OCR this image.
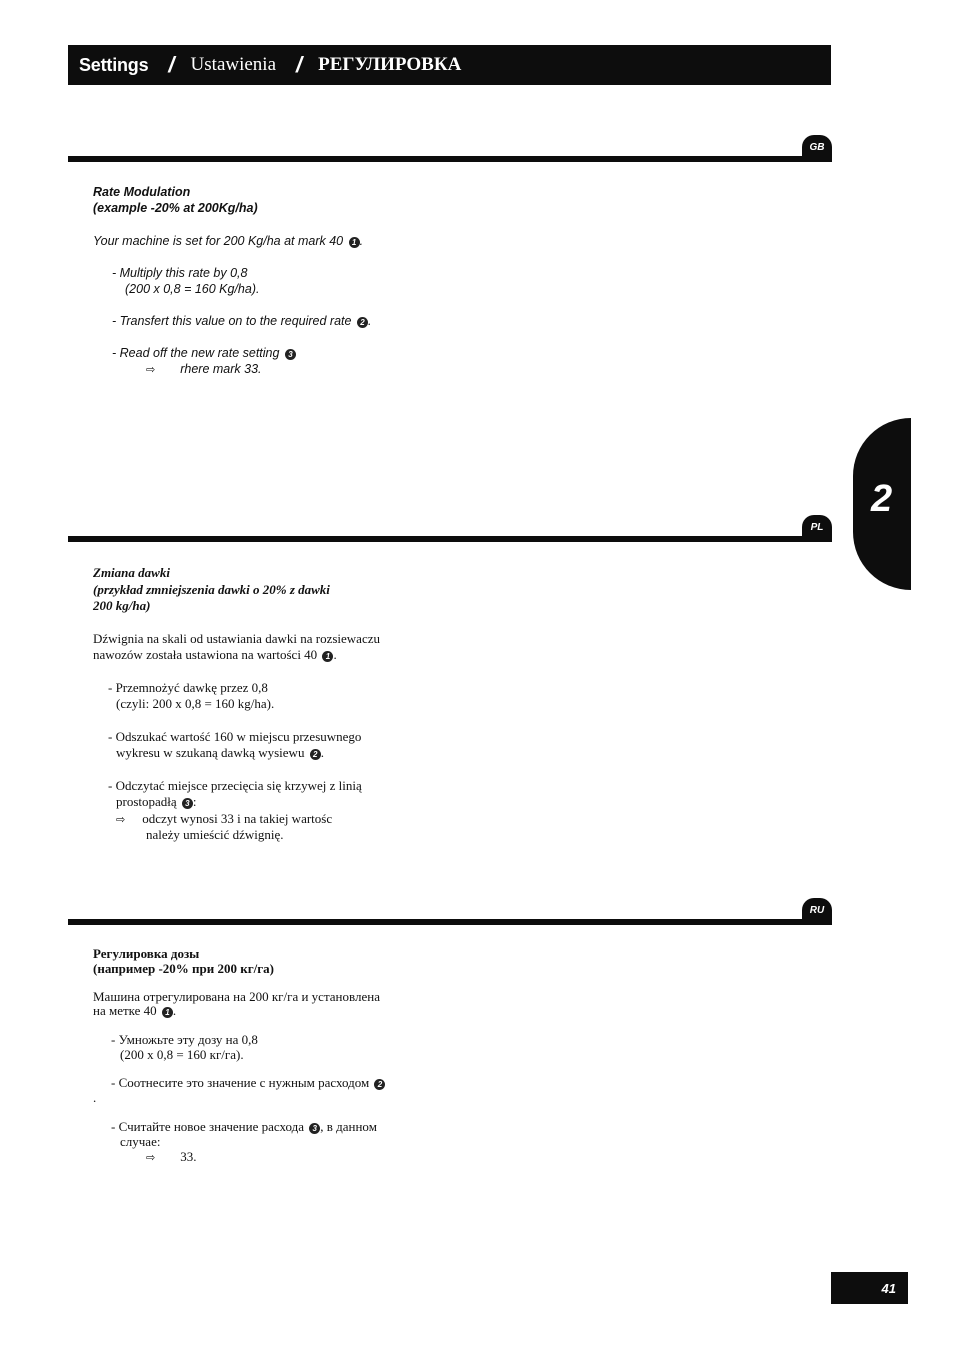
Settings / Ustawienia / РЕГУЛИРОВКА
2
GB
Rate Modulation
(example -20% at 200Kg/ha)
Your machine is set for 200 Kg/ha at mark 40 1 .
- Multiply this rate by 0,8
(200 x 0,8 = 160 Kg/ha).
- Transfert this value on to the required rate 2 .
- Read off the new rate setting 3
⇨ rhere mark 33.
PL
Zmiana dawki
(przykład zmniejszenia dawki o 20% z dawki
200 kg/ha)
Dźwignia na skali od ustawiania dawki na rozsiewaczu
nawozów została ustawiona na wartości 40 1 .
- Przemnożyć dawkę przez 0,8
(czyli: 200 x 0,8 = 160 kg/ha).
- Odszukać wartość 160 w miejscu przesuwnego
wykresu w szukaną dawką wysiewu 2 .
- Odczytać miejsce przecięcia się krzywej z linią
prostopadłą 3 :
⇨ odczyt wynosi 33 i na takiej wartośc
należy umieścić dźwignię.
RU
Регулировка дозы
(например -20% при 200 кг/га)
Машина отрегулирована на 200 кг/га и установлена
на метке 40 1 .
- Умножьте эту дозу на 0,8
(200 x 0,8 = 160 кг/га).
- Соотнесите это значение с нужным расходом 2
.
- Считайте новое значение расхода 3 , в данном
случае:
⇨ 33.
41
